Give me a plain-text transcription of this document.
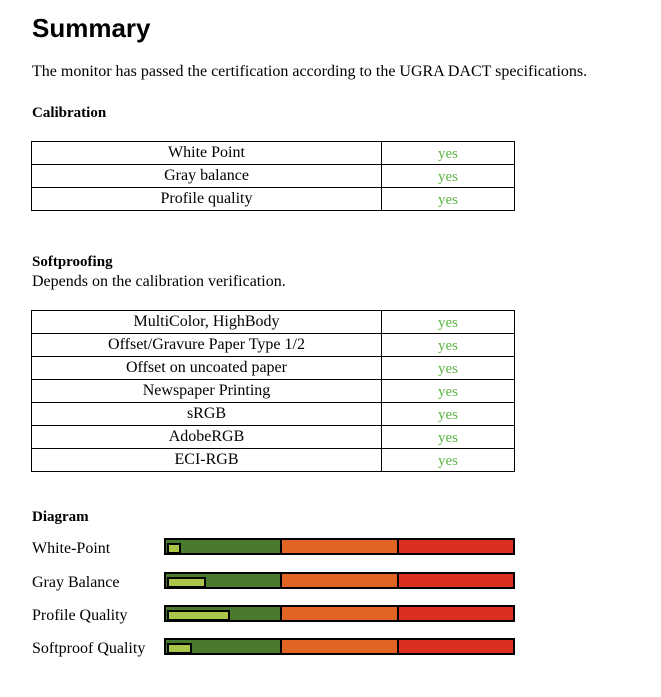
Summary
The monitor has passed the certification according to the UGRA DACT specifications.
Calibration
White Point	yes
Gray balance	yes
Profile quality	yes
Softproofing
Depends on the calibration verification.
MultiColor, HighBody	yes
Offset/Gravure Paper Type 1/2	yes
Offset on uncoated paper	yes
Newspaper Printing	yes
sRGB	yes
AdobeRGB	yes
ECI-RGB	yes
Diagram
White-Point
Gray Balance
Profile Quality
Softproof Quality
